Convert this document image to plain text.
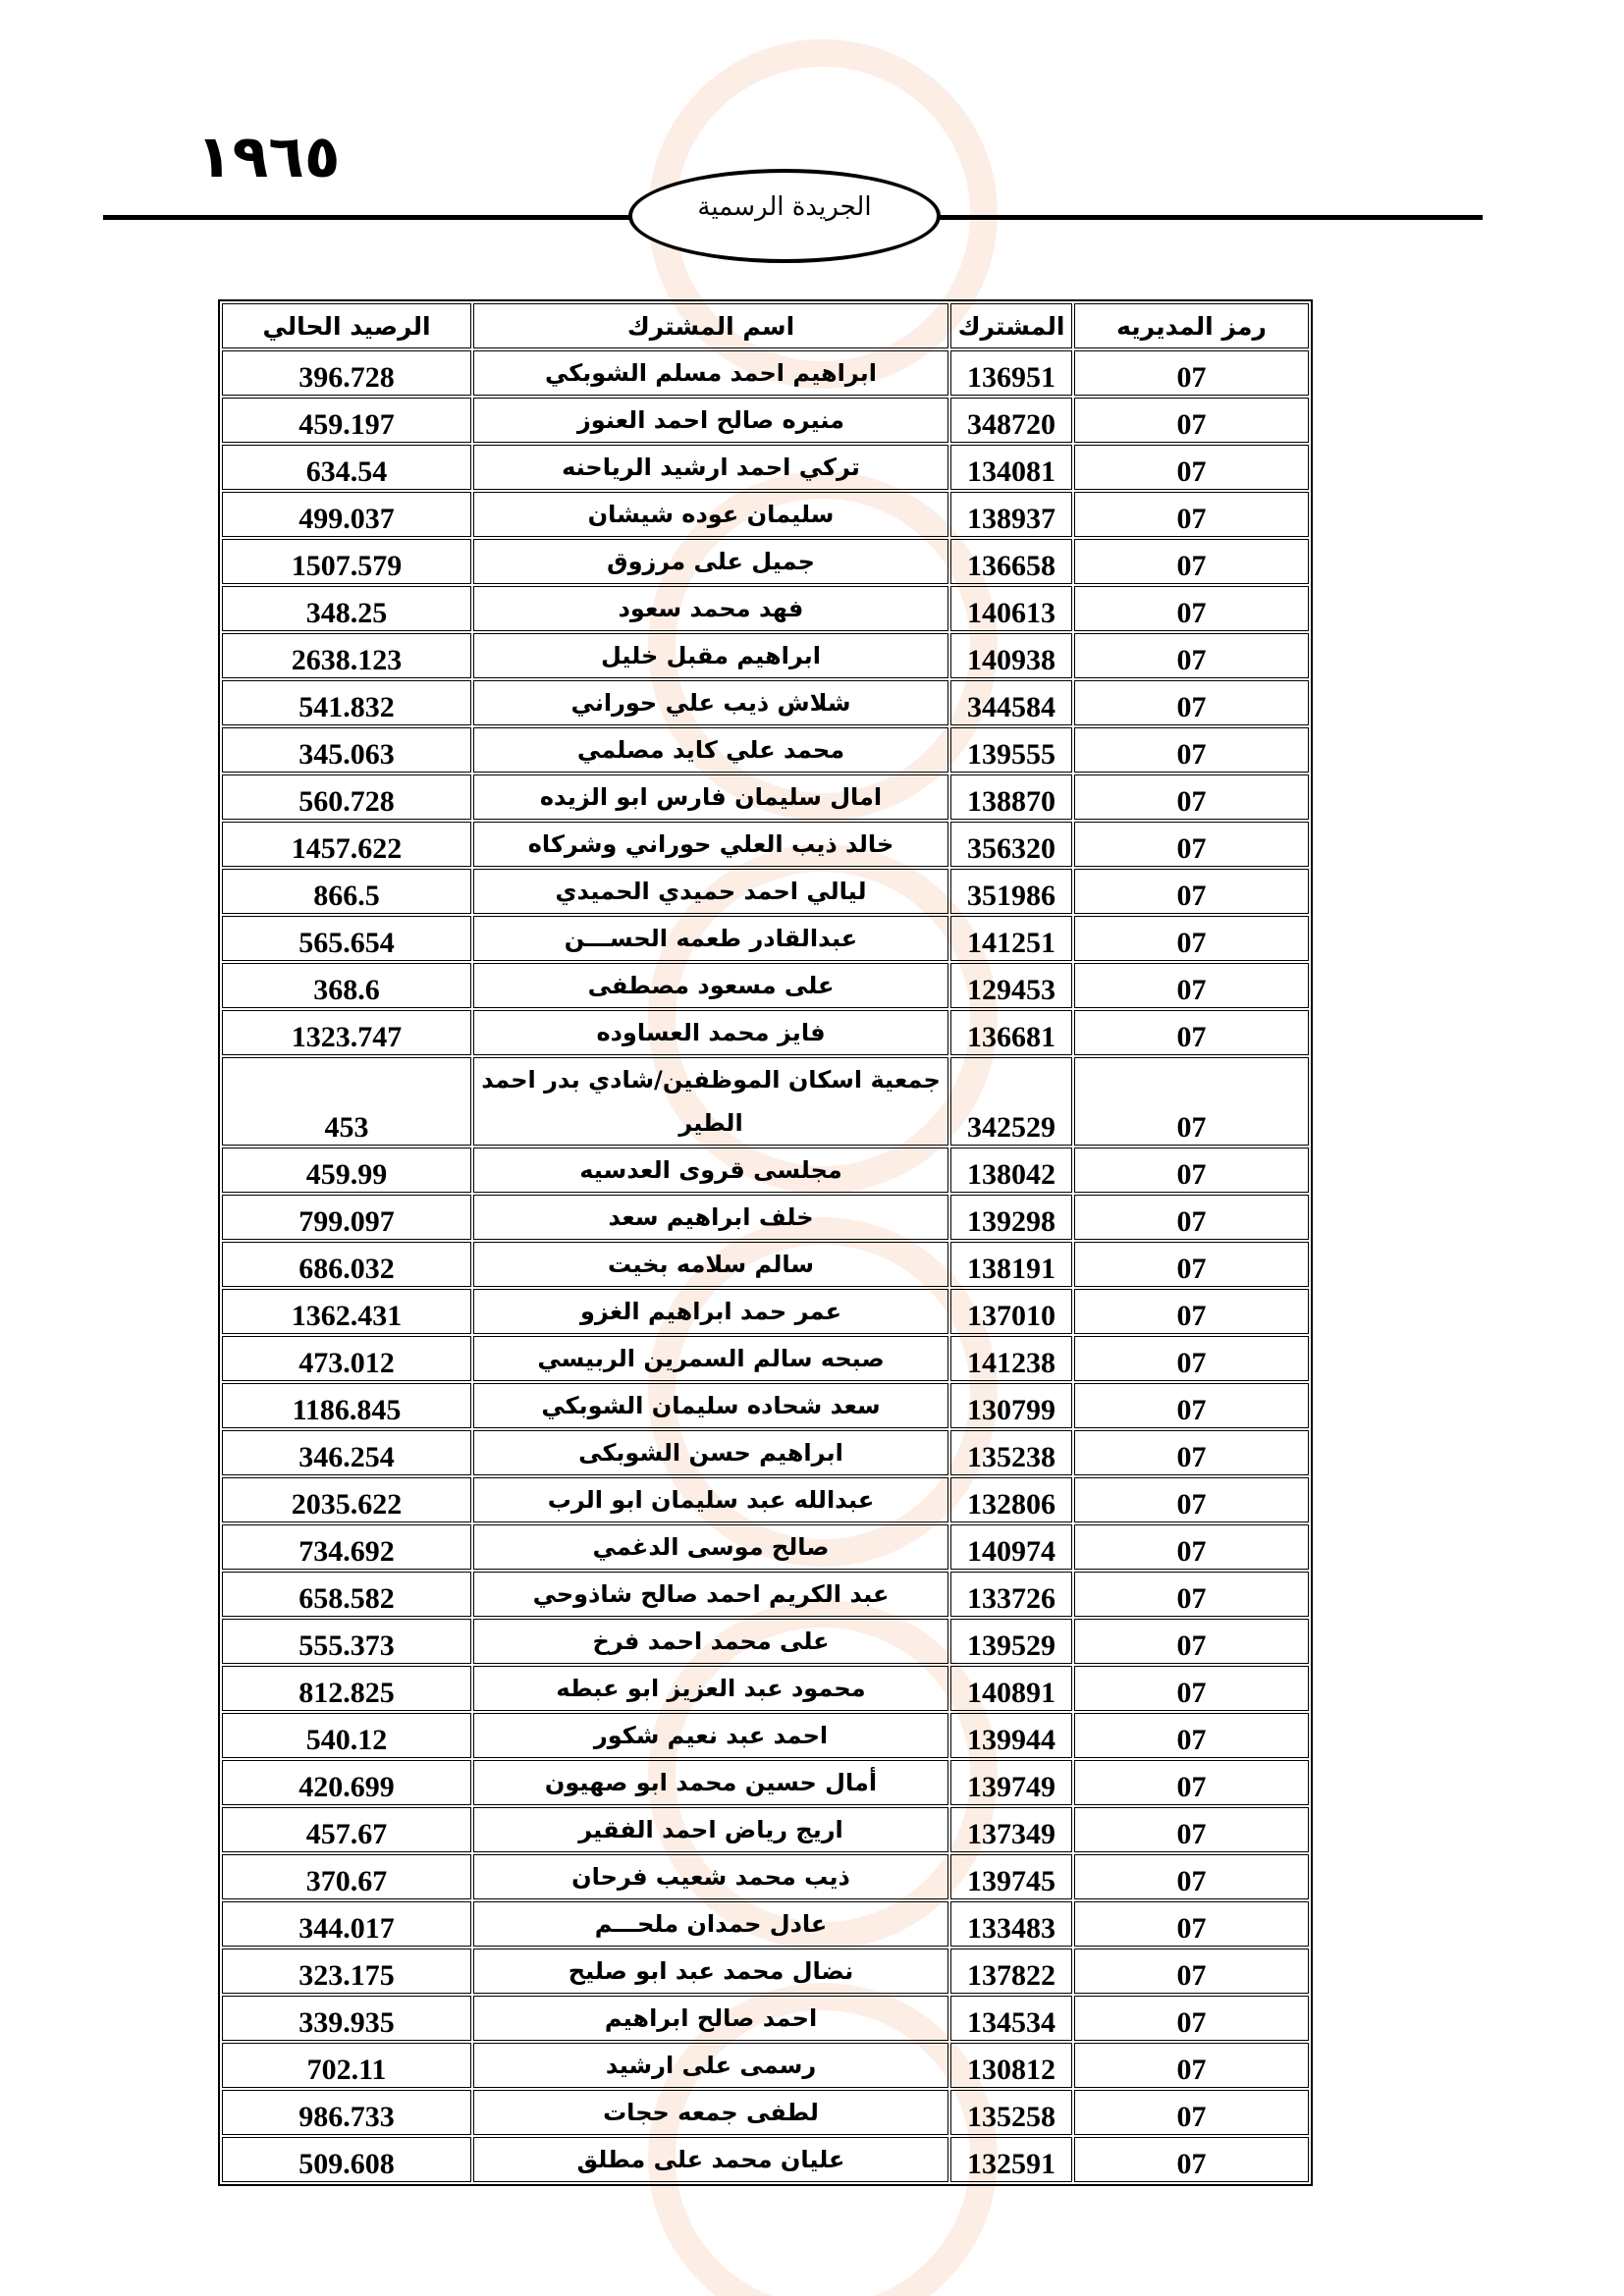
١٩٦٥
الجريدة الرسمية
رمز المديريه	المشترك	اسم المشترك	الرصيد الحالي
07	136951	ابراهيم احمد مسلم الشوبكي	396.728
07	348720	منيره صالح احمد العنوز	459.197
07	134081	تركي احمد ارشيد الرياحنه	634.54
07	138937	سليمان عوده شيشان	499.037
07	136658	جميل على مرزوق	1507.579
07	140613	فهد محمد سعود	348.25
07	140938	ابراهيم مقبل خليل	2638.123
07	344584	شلاش ذيب علي حوراني	541.832
07	139555	محمد علي كايد مصلمي	345.063
07	138870	امال سليمان فارس ابو الزيده	560.728
07	356320	خالد ذيب العلي حوراني وشركاه	1457.622
07	351986	ليالي احمد حميدي الحميدي	866.5
07	141251	عبدالقادر طعمه الحســـن	565.654
07	129453	على مسعود مصطفى	368.6
07	136681	فايز محمد العساوده	1323.747
07	342529	جمعية اسكان الموظفين/شادي بدر احمد الطير	453
07	138042	مجلسى قروى العدسيه	459.99
07	139298	خلف ابراهيم سعد	799.097
07	138191	سالم سلامه بخيت	686.032
07	137010	عمر حمد ابراهيم الغزو	1362.431
07	141238	صبحه سالم السمرين الربيسي	473.012
07	130799	سعد شحاده سليمان الشوبكي	1186.845
07	135238	ابراهيم حسن الشوبكى	346.254
07	132806	عبدالله عبد سليمان ابو الرب	2035.622
07	140974	صالح موسى الدغمي	734.692
07	133726	عبد الكريم احمد صالح شاذوحي	658.582
07	139529	على محمد احمد فرخ	555.373
07	140891	محمود عبد العزيز ابو عبطه	812.825
07	139944	احمد عبد نعيم شكور	540.12
07	139749	أمال حسين محمد ابو صهيون	420.699
07	137349	اريج رياض احمد الفقير	457.67
07	139745	ذيب محمد شعيب فرحان	370.67
07	133483	عادل حمدان ملحـــم	344.017
07	137822	نضال محمد عبد ابو صليح	323.175
07	134534	احمد صالح ابراهيم	339.935
07	130812	رسمى على ارشيد	702.11
07	135258	لطفى جمعه حجات	986.733
07	132591	عليان محمد على مطلق	509.608
